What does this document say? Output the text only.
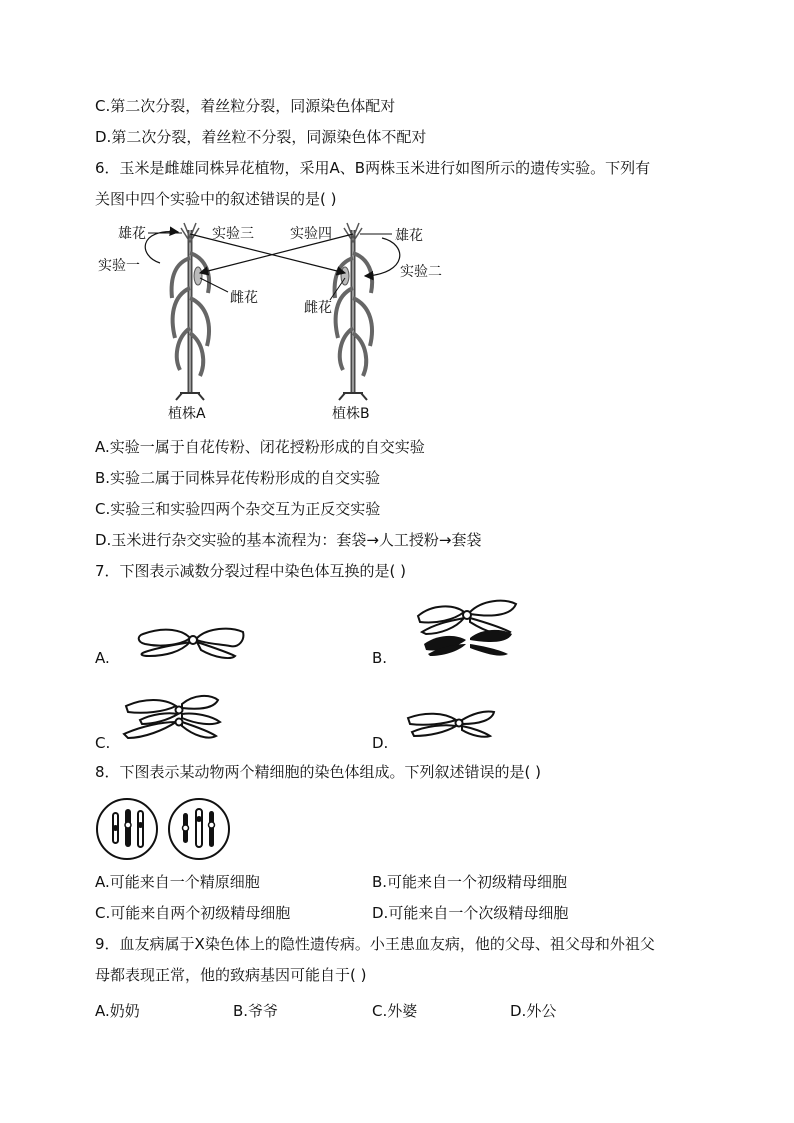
C.第二次分裂，着丝粒分裂，同源染色体配对
D.第二次分裂，着丝粒不分裂，同源染色体不配对
6．玉米是雌雄同株异花植物，采用A、B两株玉米进行如图所示的遗传实验。下列有
关图中四个实验中的叙述错误的是( )
雄花	实验三	实验四	雄花
实验一	实验二
雌花
雌花
植株A	植株B
A.实验一属于自花传粉、闭花授粉形成的自交实验
B.实验二属于同株异花传粉形成的自交实验
C.实验三和实验四两个杂交互为正反交实验
D.玉米进行杂交实验的基本流程为：套袋→人工授粉→套袋
7．下图表示减数分裂过程中染色体互换的是( )
A.	B.
C.	D.
8．下图表示某动物两个精细胞的染色体组成。下列叙述错误的是( )
A.可能来自一个精原细胞	B.可能来自一个初级精母细胞
C.可能来自两个初级精母细胞	D.可能来自一个次级精母细胞
9．血友病属于X染色体上的隐性遗传病。小王患血友病，他的父母、祖父母和外祖父
母都表现正常，他的致病基因可能自于( )
A.奶奶	B.爷爷	C.外婆	D.外公
